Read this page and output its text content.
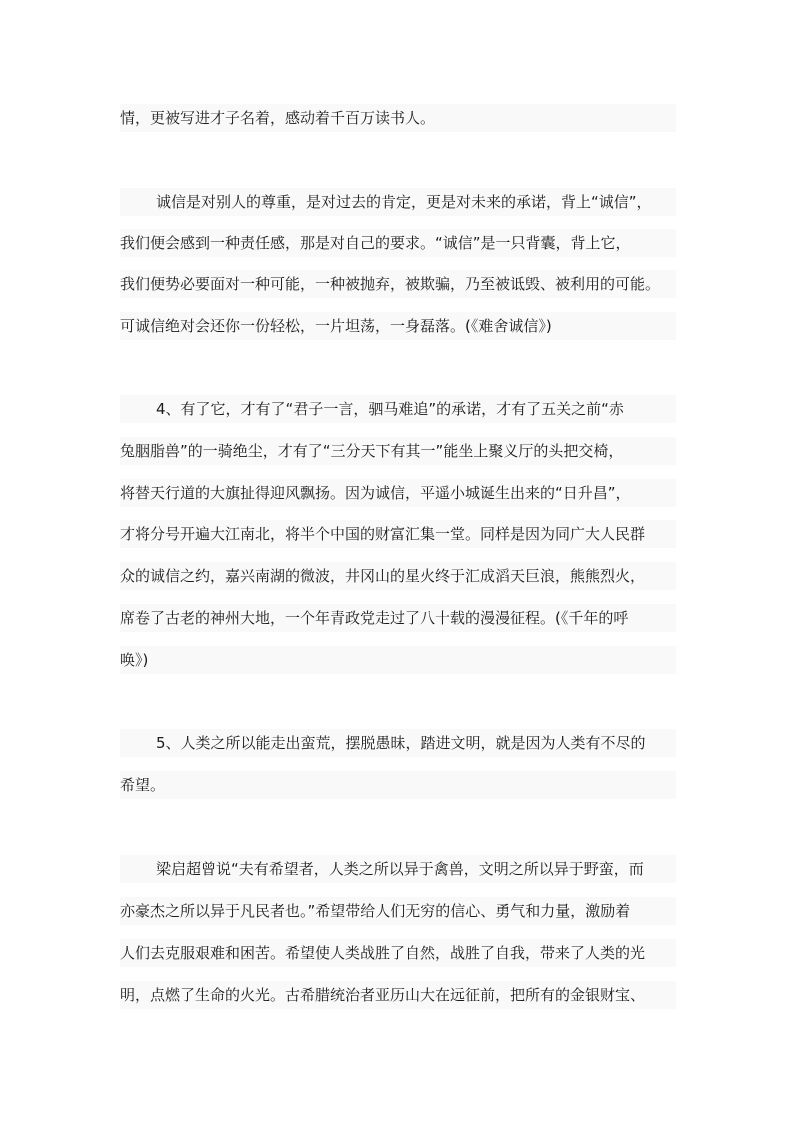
情，更被写进才子名着，感动着千百万读书人。
诚信是对别人的尊重，是对过去的肯定，更是对未来的承诺，背上“诚信”，
我们便会感到一种责任感，那是对自己的要求。“诚信”是一只背囊，背上它，
我们便势必要面对一种可能，一种被抛弃，被欺骗，乃至被诋毁、被利用的可能。
可诚信绝对会还你一份轻松，一片坦荡，一身磊落。(《难舍诚信》)
4、有了它，才有了“君子一言，驷马难追”的承诺，才有了五关之前“赤
兔胭脂兽”的一骑绝尘，才有了“三分天下有其一”能坐上聚义厅的头把交椅，
将替天行道的大旗扯得迎风飘扬。因为诚信，平遥小城诞生出来的“日升昌”，
才将分号开遍大江南北，将半个中国的财富汇集一堂。同样是因为同广大人民群
众的诚信之约，嘉兴南湖的微波，井冈山的星火终于汇成滔天巨浪，熊熊烈火，
席卷了古老的神州大地，一个年青政党走过了八十载的漫漫征程。(《千年的呼
唤》)
5、人类之所以能走出蛮荒，摆脱愚昧，踏进文明，就是因为人类有不尽的
希望。
梁启超曾说“夫有希望者，人类之所以异于禽兽，文明之所以异于野蛮，而
亦豪杰之所以异于凡民者也。”希望带给人们无穷的信心、勇气和力量，激励着
人们去克服艰难和困苦。希望使人类战胜了自然，战胜了自我，带来了人类的光
明，点燃了生命的火光。古希腊统治者亚历山大在远征前，把所有的金银财宝、
